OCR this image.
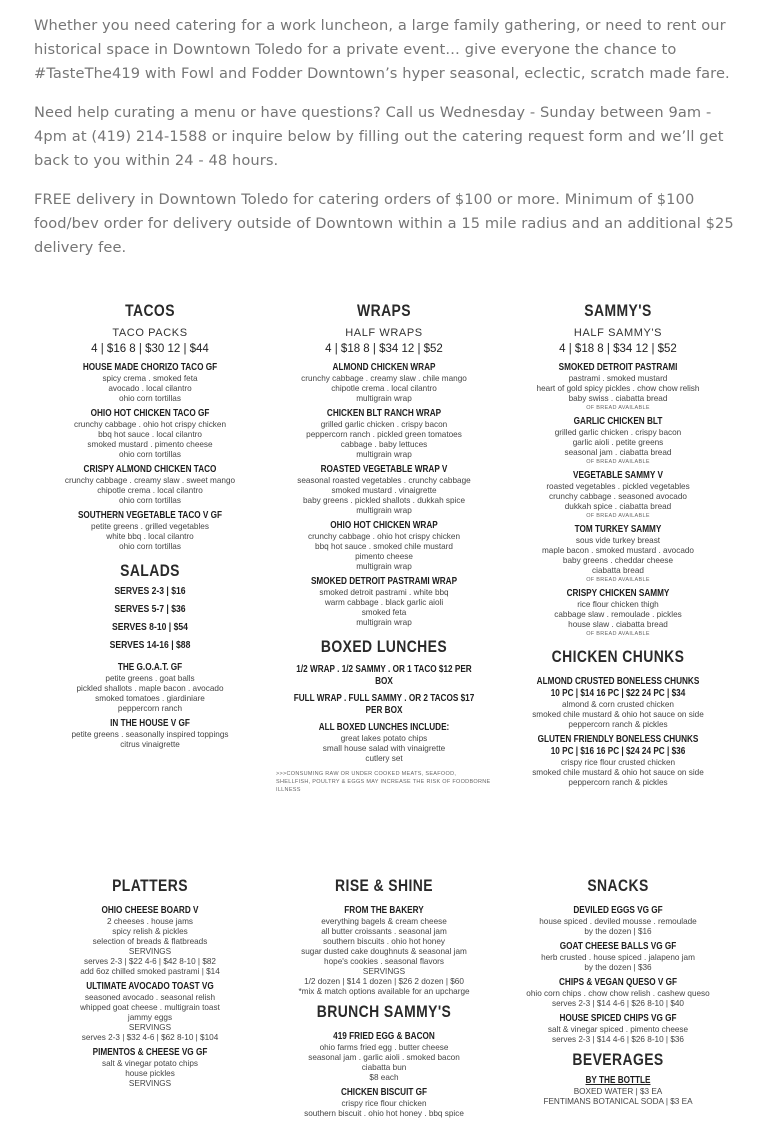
Whether you need catering for a work luncheon, a large family gathering, or need to rent our historical space in Downtown Toledo for a private event… give everyone the chance to #TasteThe419 with Fowl and Fodder Downtown’s hyper seasonal, eclectic, scratch made fare.

Need help curating a menu or have questions? Call us Wednesday - Sunday between 9am - 4pm at (419) 214-1588 or inquire below by filling out the catering request form and we’ll get back to you within 24 - 48 hours.

FREE delivery in Downtown Toledo for catering orders of $100 or more. Minimum of $100 food/bev order for delivery outside of Downtown within a 15 mile radius and an additional $25 delivery fee.

TACOS
TACO PACKS
4 | $16 8 | $30 12 | $44
HOUSE MADE CHORIZO TACO GF
spicy crema . smoked feta
avocado . local cilantro
ohio corn tortillas
OHIO HOT CHICKEN TACO GF
crunchy cabbage . ohio hot crispy chicken
bbq hot sauce . local cilantro
smoked mustard . pimento cheese
ohio corn tortillas
CRISPY ALMOND CHICKEN TACO
crunchy cabbage . creamy slaw . sweet mango
chipotle crema . local cilantro
ohio corn tortillas
SOUTHERN VEGETABLE TACO V GF
petite greens . grilled vegetables
white bbq . local cilantro
ohio corn tortillas
SALADS
SERVES 2-3 | $16
SERVES 5-7 | $36
SERVES 8-10 | $54
SERVES 14-16 | $88
THE G.O.A.T. GF
petite greens . goat balls
pickled shallots . maple bacon . avocado
smoked tomatoes . giardiniare
peppercorn ranch
IN THE HOUSE V GF
petite greens . seasonally inspired toppings
citrus vinaigrette
WRAPS
HALF WRAPS
4 | $18 8 | $34 12 | $52
ALMOND CHICKEN WRAP
crunchy cabbage . creamy slaw . chile mango
chipotle crema . local cilantro
multigrain wrap
CHICKEN BLT RANCH WRAP
grilled garlic chicken . crispy bacon
peppercorn ranch . pickled green tomatoes
cabbage . baby lettuces
multigrain wrap
ROASTED VEGETABLE WRAP V
seasonal roasted vegetables . crunchy cabbage
smoked mustard . vinaigrette
baby greens . pickled shallots . dukkah spice
multigrain wrap
OHIO HOT CHICKEN WRAP
crunchy cabbage . ohio hot crispy chicken
bbq hot sauce . smoked chile mustard
pimento cheese
multigrain wrap
SMOKED DETROIT PASTRAMI WRAP
smoked detroit pastrami . white bbq
warm cabbage . black garlic aioli
smoked feta
multigrain wrap
BOXED LUNCHES
1/2 WRAP . 1/2 SAMMY . OR 1 TACO $12 PER BOX
FULL WRAP . FULL SAMMY . OR 2 TACOS $17 PER BOX
ALL BOXED LUNCHES INCLUDE:
great lakes potato chips
small house salad with vinaigrette
cutlery set
>>>CONSUMING RAW OR UNDER COOKED MEATS, SEAFOOD, SHELLFISH, POULTRY & EGGS MAY INCREASE THE RISK OF FOODBORNE ILLNESS
SAMMY'S
HALF SAMMY'S
4 | $18 8 | $34 12 | $52
SMOKED DETROIT PASTRAMI
pastrami . smoked mustard
heart of gold spicy pickles . chow chow relish
baby swiss . ciabatta bread
OF BREAD AVAILABLE
GARLIC CHICKEN BLT
grilled garlic chicken . crispy bacon
garlic aioli . petite greens
seasonal jam . ciabatta bread
OF BREAD AVAILABLE
VEGETABLE SAMMY V
roasted vegetables . pickled vegetables
crunchy cabbage . seasoned avocado
dukkah spice . ciabatta bread
OF BREAD AVAILABLE
TOM TURKEY SAMMY
sous vide turkey breast
maple bacon . smoked mustard . avocado
baby greens . cheddar cheese
ciabatta bread
OF BREAD AVAILABLE
CRISPY CHICKEN SAMMY
rice flour chicken thigh
cabbage slaw . remoulade . pickles
house slaw . ciabatta bread
OF BREAD AVAILABLE
CHICKEN CHUNKS
ALMOND CRUSTED BONELESS CHUNKS
10 PC | $14 16 PC | $22 24 PC | $34
almond & corn crusted chicken
smoked chile mustard & ohio hot sauce on side
peppercorn ranch & pickles
GLUTEN FRIENDLY BONELESS CHUNKS
10 PC | $16 16 PC | $24 24 PC | $36
crispy rice flour crusted chicken
smoked chile mustard & ohio hot sauce on side
peppercorn ranch & pickles
PLATTERS
OHIO CHEESE BOARD V
2 cheeses . house jams
spicy relish & pickles
selection of breads & flatbreads
SERVINGS
serves 2-3 | $22 4-6 | $42 8-10 | $82
add 6oz chilled smoked pastrami | $14
ULTIMATE AVOCADO TOAST VG
seasoned avocado . seasonal relish
whipped goat cheese . multigrain toast
jammy eggs
SERVINGS
serves 2-3 | $32 4-6 | $62 8-10 | $104
PIMENTOS & CHEESE VG GF
salt & vinegar potato chips
house pickles
SERVINGS
RISE & SHINE
FROM THE BAKERY
everything bagels & cream cheese
all butter croissants . seasonal jam
southern biscuits . ohio hot honey
sugar dusted cake doughnuts & seasonal jam
hope's cookies . seasonal flavors
SERVINGS
1/2 dozen | $14 1 dozen | $26 2 dozen | $60
*mix & match options available for an upcharge
BRUNCH SAMMY'S
419 FRIED EGG & BACON
ohio farms fried egg . butter cheese
seasonal jam . garlic aioli . smoked bacon
ciabatta bun
$8 each
CHICKEN BISCUIT GF
crispy rice flour chicken
southern biscuit . ohio hot honey . bbq spice
SNACKS
DEVILED EGGS VG GF
house spiced . deviled mousse . remoulade
by the dozen | $16
GOAT CHEESE BALLS VG GF
herb crusted . house spiced . jalapeno jam
by the dozen | $36
CHIPS & VEGAN QUESO V GF
ohio corn chips . chow chow relish . cashew queso
serves 2-3 | $14 4-6 | $26 8-10 | $40
HOUSE SPICED CHIPS VG GF
salt & vinegar spiced . pimento cheese
serves 2-3 | $14 4-6 | $26 8-10 | $36
BEVERAGES
BY THE BOTTLE
BOXED WATER | $3 EA
FENTIMANS BOTANICAL SODA | $3 EA
